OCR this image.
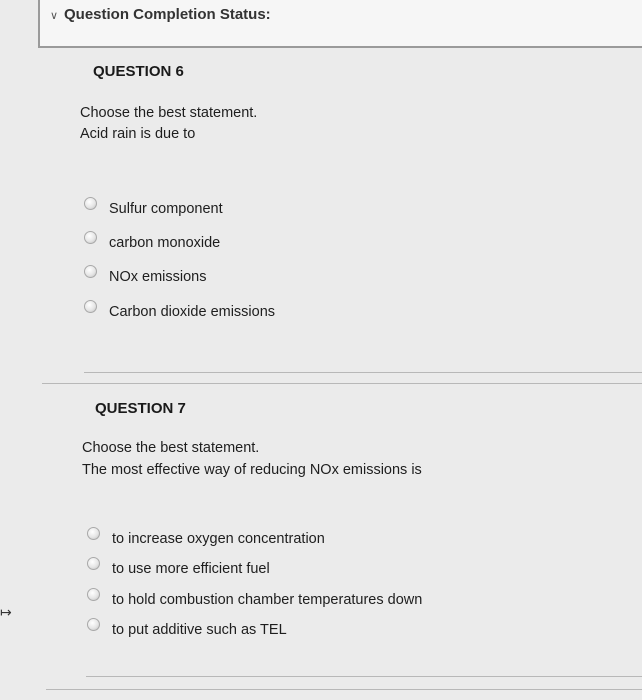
∨ Question Completion Status:
QUESTION 6
Choose the best statement.
Acid rain is due to
Sulfur component
carbon monoxide
NOx emissions
Carbon dioxide emissions
QUESTION 7
Choose the best statement.
The most effective way of reducing NOx emissions is
to increase oxygen concentration
to use more efficient fuel
to hold combustion chamber temperatures down
to put additive such as TEL
↦
